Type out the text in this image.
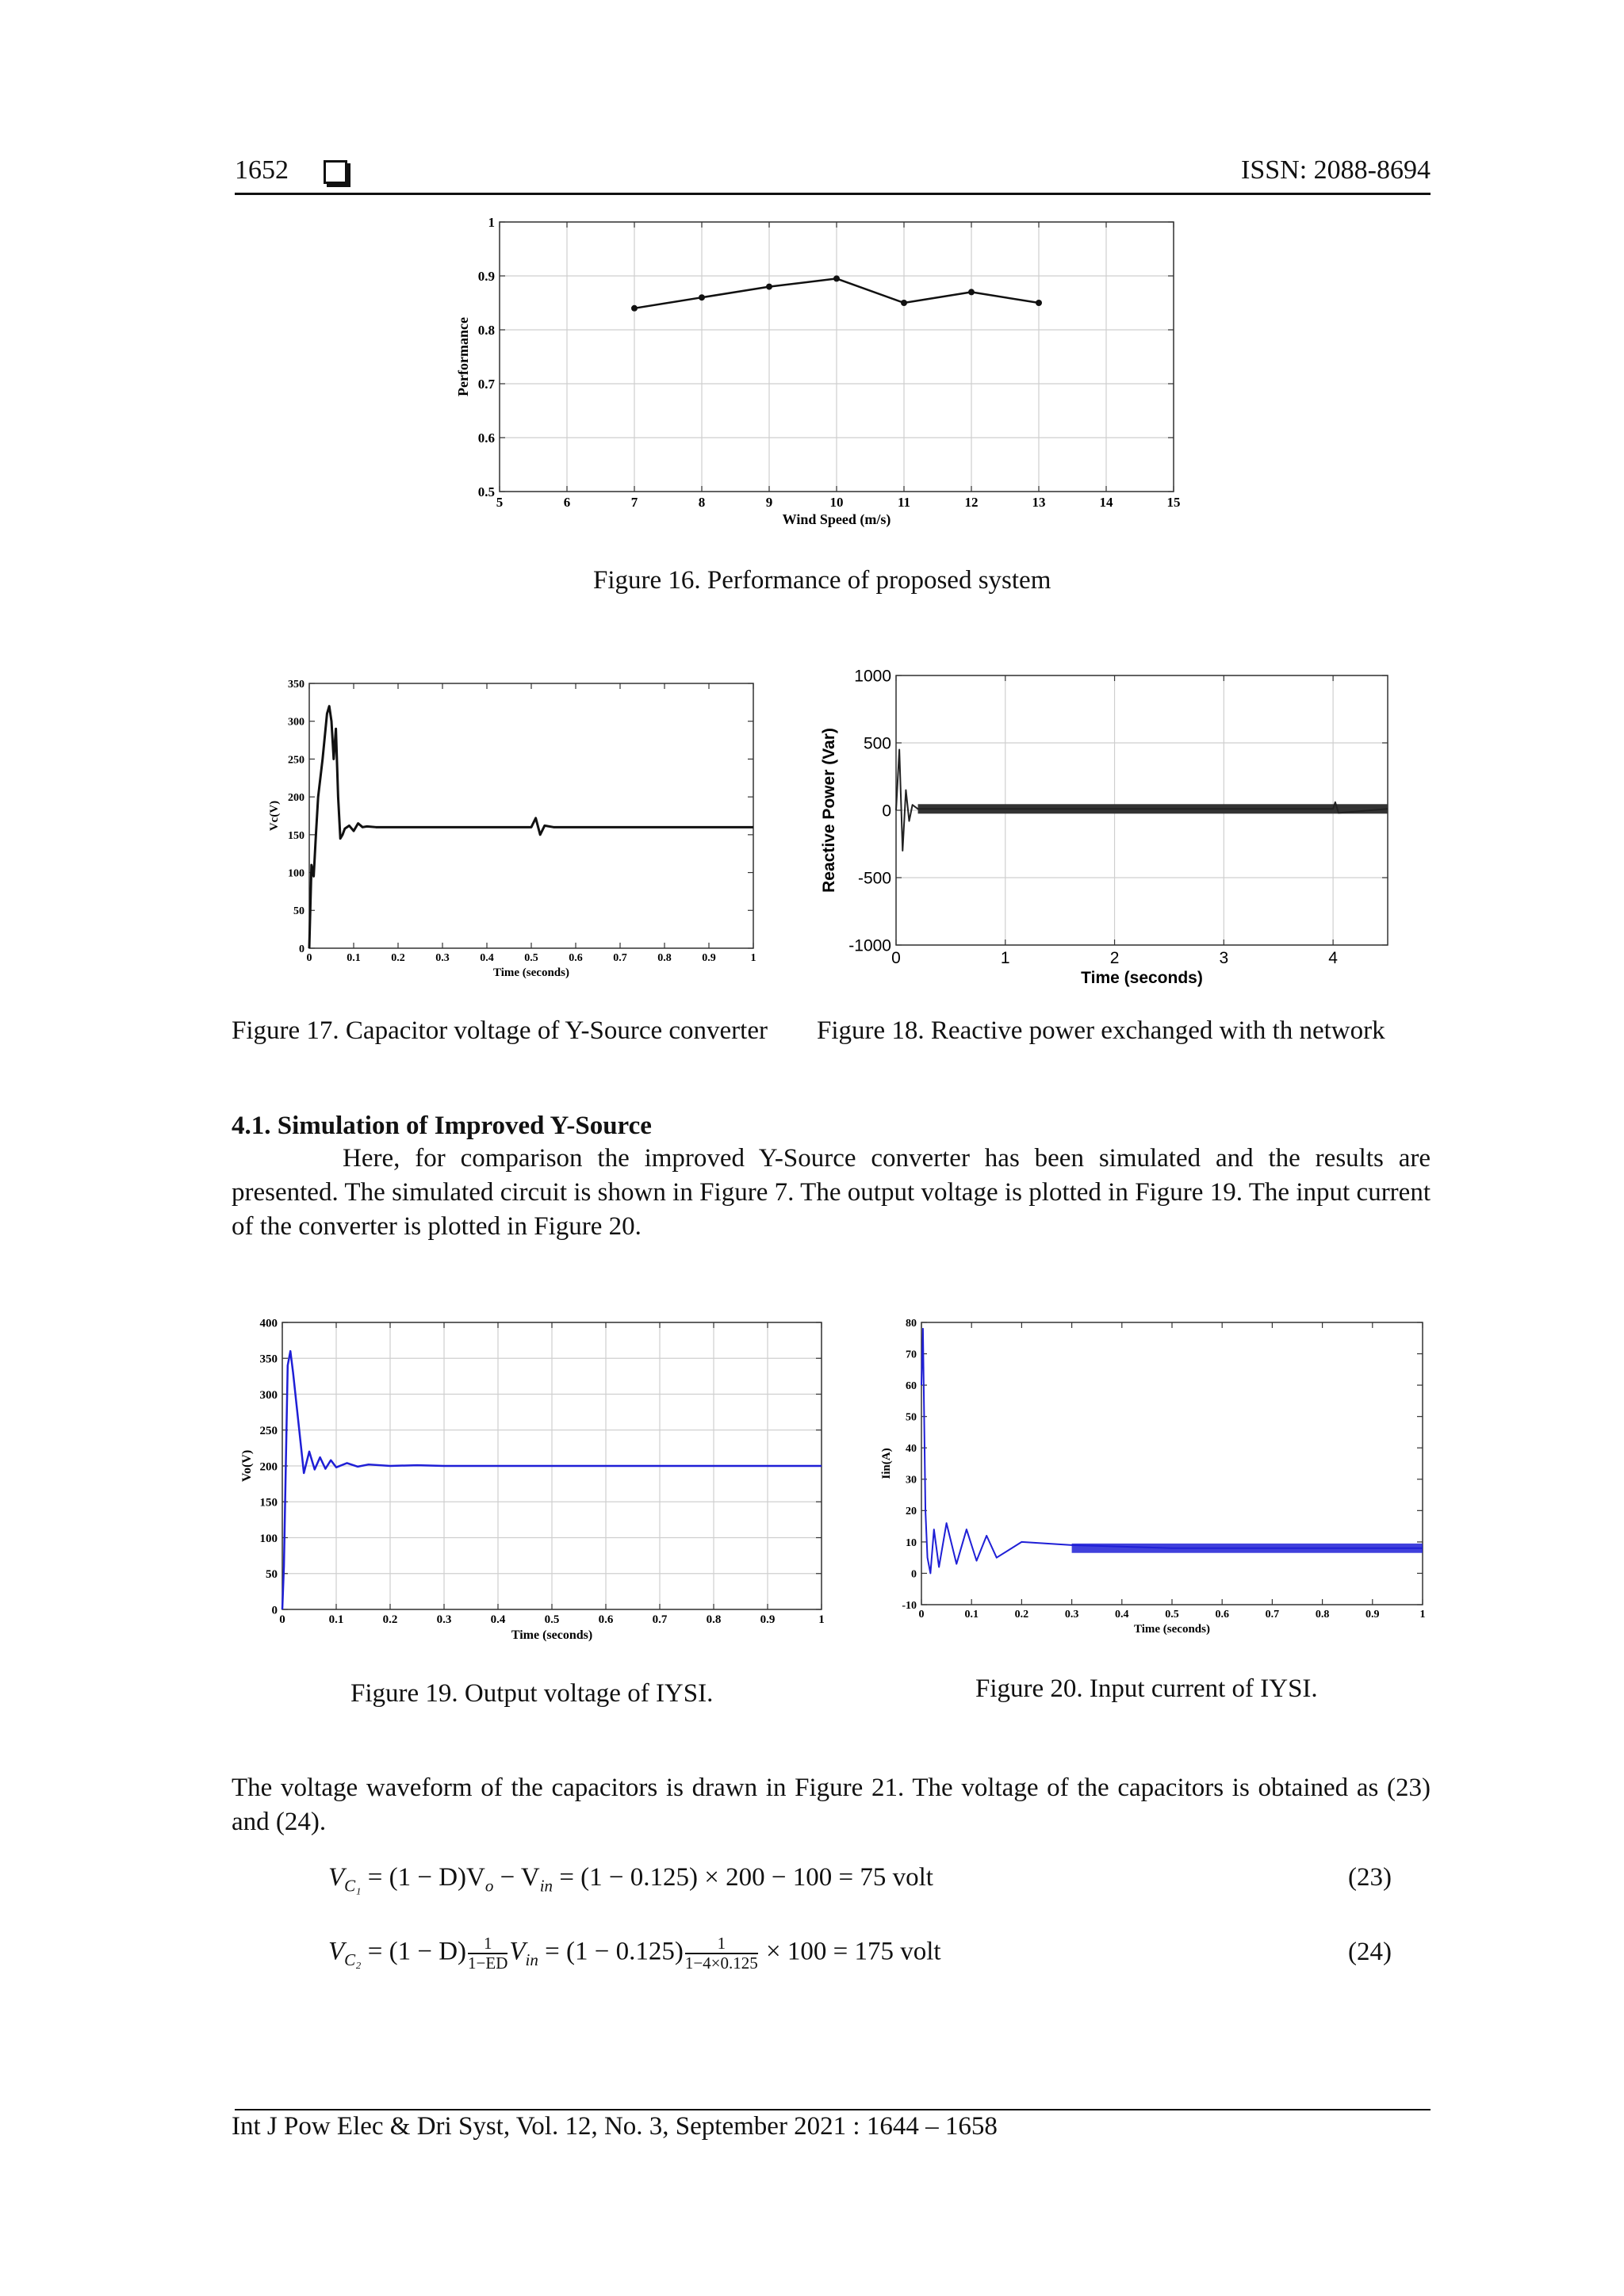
1652	ISSN: 2088-8694
5	6	7	8	9	10	11	12	13	14	15
0.5
0.6
0.7
0.8
0.9
1
Wind Speed (m/s)
Performance
Figure 16. Performance of proposed system
0	0.1	0.2	0.3	0.4	0.5	0.6	0.7	0.8	0.9	1
0
50
100
150
200
250
300
350
Time (seconds)
Vc(V)
0	1	2	3	4
-1000
-500
0
500
1000
Time (seconds)
Reactive Power (Var)
Figure 17. Capacitor voltage of Y-Source converter Figure 18. Reactive power exchanged with th network
4.1. Simulation of Improved Y-Source
Here, for comparison the improved Y-Source converter has been simulated and the results are presented. The simulated circuit is shown in Figure 7. The output voltage is plotted in Figure 19. The input current of the converter is plotted in Figure 20.
0	0.1	0.2	0.3	0.4	0.5	0.6	0.7	0.8	0.9	1
0
50
100
150
200
250
300
350
400
Time (seconds)
Vo(V)
0	0.1	0.2	0.3	0.4	0.5	0.6	0.7	0.8	0.9	1
-10
0
10
20
30
40
50
60
70
80
Time (seconds)
Iin(A)
Figure 19. Output voltage of IYSI.	Figure 20. Input current of IYSI.
The voltage waveform of the capacitors is drawn in Figure 21. The voltage of the capacitors is obtained as (23) and (24).
$V_{C_1} = (1 - D)V_o - V_{in} = (1 - 0.125) \times 200 - 100 = 75$ volt	(23)
$V_{C_2} = (1 - D) \frac{1}{1-ED} V_{in} = (1 - 0.125) \frac{1}{1-4\times 0.125} \times 100 = 175$ volt	(24)
Int J Pow Elec & Dri Syst, Vol. 12, No. 3, September 2021 : 1644 – 1658
